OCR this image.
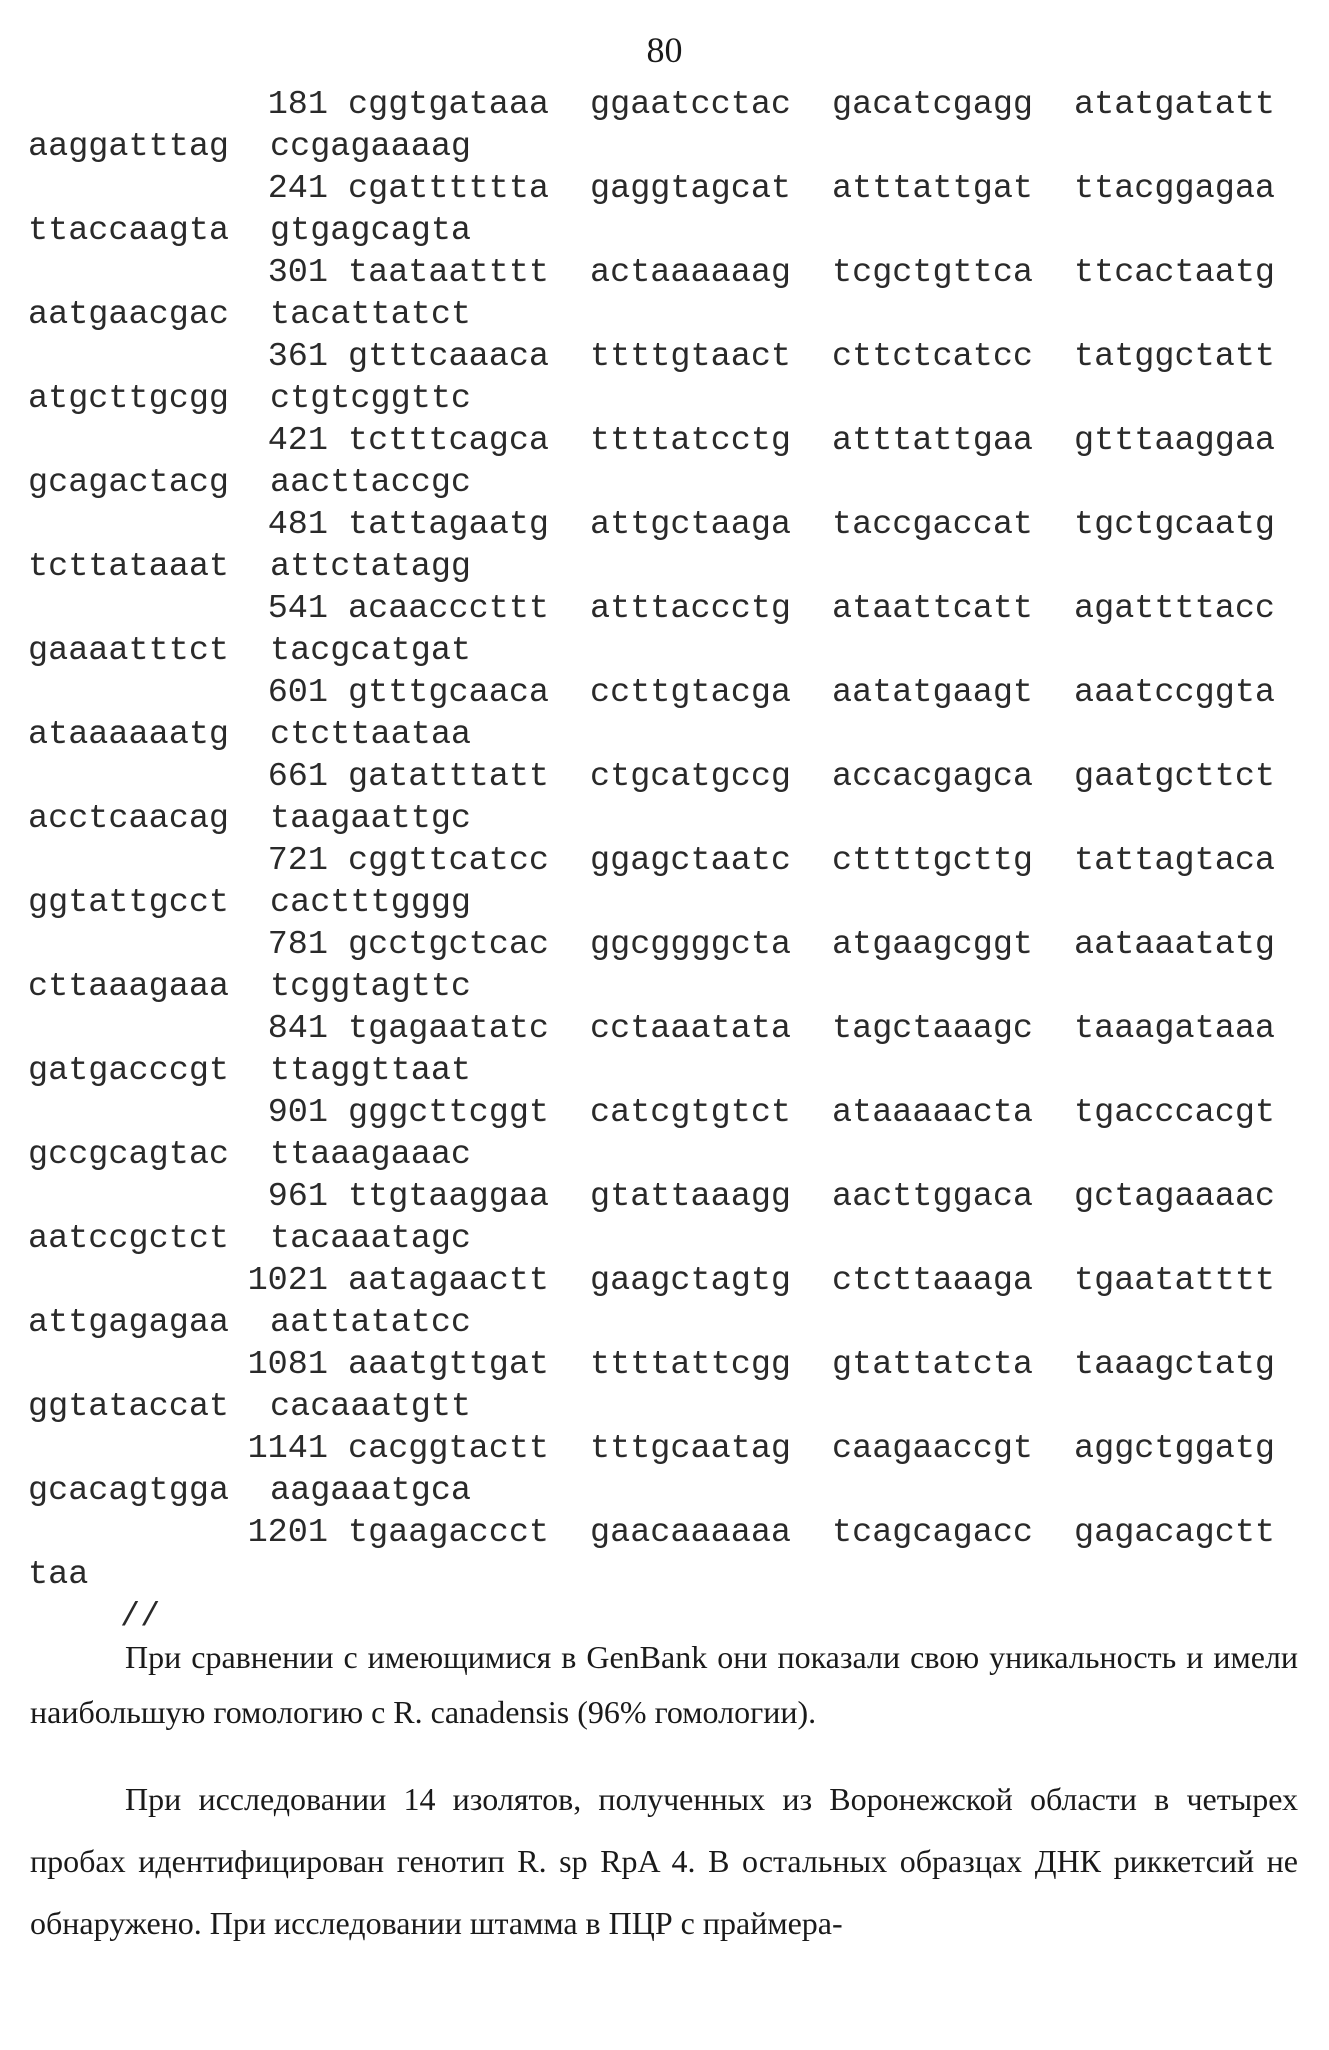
80
181 cggtgataaa ggaatcctac gacatcgagg atatgatatt
aaggatttag ccgagaaaag
241 cgatttttta gaggtagcat atttattgat ttacggagaa
ttaccaagta gtgagcagta
301 taataatttt actaaaaaag tcgctgttca ttcactaatg
aatgaacgac tacattatct
361 gtttcaaaca ttttgtaact cttctcatcc tatggctatt
atgcttgcgg ctgtcggttc
421 tctttcagca ttttatcctg atttattgaa gtttaaggaa
gcagactacg aacttaccgc
481 tattagaatg attgctaaga taccgaccat tgctgcaatg
tcttataaat attctatagg
541 acaacccttt atttaccctg ataattcatt agattttacc
gaaaatttct tacgcatgat
601 gtttgcaaca ccttgtacga aatatgaagt aaatccggta
ataaaaaatg ctcttaataa
661 gatatttatt ctgcatgccg accacgagca gaatgcttct
acctcaacag taagaattgc
721 cggttcatcc ggagctaatc cttttgcttg tattagtaca
ggtattgcct cactttgggg
781 gcctgctcac ggcggggcta atgaagcggt aataaatatg
cttaaagaaa tcggtagttc
841 tgagaatatc cctaaatata tagctaaagc taaagataaa
gatgacccgt ttaggttaat
901 gggcttcggt catcgtgtct ataaaaacta tgacccacgt
gccgcagtac ttaaagaaac
961 ttgtaaggaa gtattaaagg aacttggaca gctagaaaac
aatccgctct tacaaatagc
1021 aatagaactt gaagctagtg ctcttaaaga tgaatatttt
attgagagaa aattatatcc
1081 aaatgttgat ttttattcgg gtattatcta taaagctatg
ggtataccat cacaaatgtt
1141 cacggtactt tttgcaatag caagaaccgt aggctggatg
gcacagtgga aagaaatgca
1201 tgaagaccct gaacaaaaaa tcagcagacc gagacagctt
taa
//
При сравнении с имеющимися в GenBank они показали свою уникальность и имели наибольшую гомологию с R. canadensis (96% гомологии).
При исследовании 14 изолятов, полученных из Воронежской области в четырех пробах идентифицирован генотип R. sp RpA 4. В остальных образцах ДНК риккетсий не обнаружено. При исследовании штамма в ПЦР с праймера-
